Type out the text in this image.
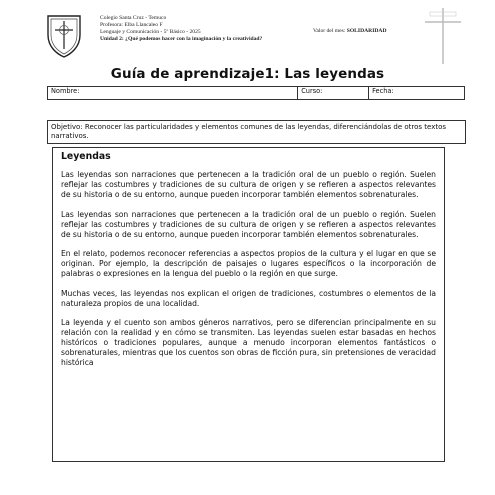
Colegio Santa Cruz - Temuco
Profesora: Elba Llancaleo F
Lenguaje y Comunicación - 5º Básico - 2025
Unidad 2: ¿Qué podemos hacer con la imaginación y la creatividad?
Valor del mes: SOLIDARIDAD
Guía de aprendizaje1: Las leyendas
Nombre:	Curso:	Fecha:
Objetivo: Reconocer las particularidades y elementos comunes de las leyendas, diferenciándolas de otros textos narrativos.
Leyendas

Las leyendas son narraciones que pertenecen a la tradición oral de un pueblo o región. Suelen reflejar las costumbres y tradiciones de su cultura de origen y se refieren a aspectos relevantes de su historia o de su entorno, aunque pueden incorporar también elementos sobrenaturales.

Las leyendas son narraciones que pertenecen a la tradición oral de un pueblo o región. Suelen reflejar las costumbres y tradiciones de su cultura de origen y se refieren a aspectos relevantes de su historia o de su entorno, aunque pueden incorporar también elementos sobrenaturales.

En el relato, podemos reconocer referencias a aspectos propios de la cultura y el lugar en que se originan. Por ejemplo, la descripción de paisajes o lugares específicos o la incorporación de palabras o expresiones en la lengua del pueblo o la región en que surge.

Muchas veces, las leyendas nos explican el origen de tradiciones, costumbres o elementos de la naturaleza propios de una localidad.

La leyenda y el cuento son ambos géneros narrativos, pero se diferencian principalmente en su relación con la realidad y en cómo se transmiten. Las leyendas suelen estar basadas en hechos históricos o tradiciones populares, aunque a menudo incorporan elementos fantásticos o sobrenaturales, mientras que los cuentos son obras de ficción pura, sin pretensiones de veracidad histórica
